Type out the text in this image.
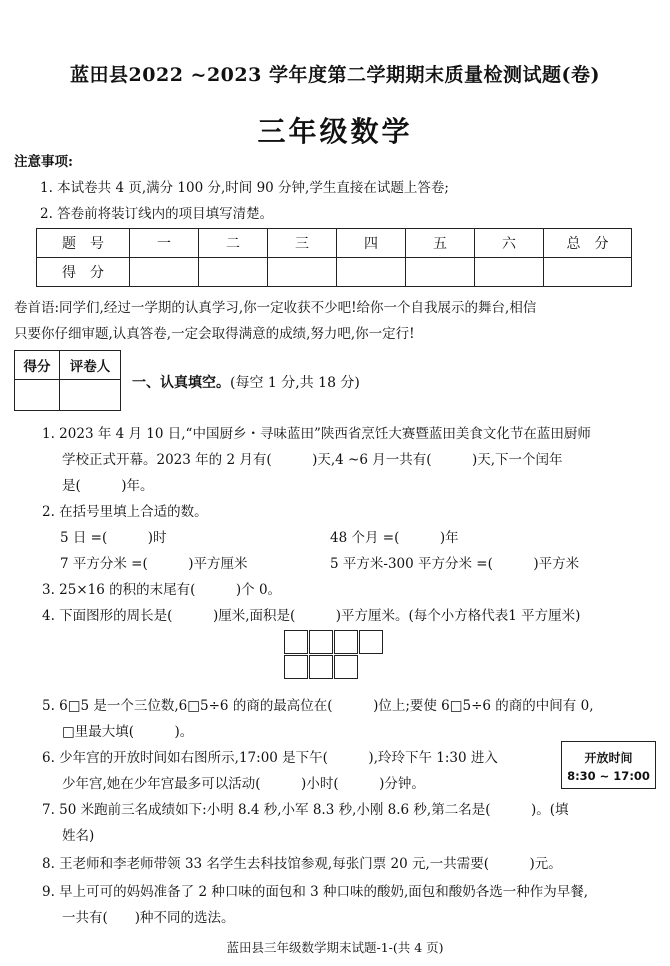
蓝田县2022 ~2023 学年度第二学期期末质量检测试题(卷)
三年级数学
注意事项:
1. 本试卷共 4 页,满分 100 分,时间 90 分钟,学生直接在试题上答卷;
2. 答卷前将装订线内的项目填写清楚。
题　号	一	二	三	四	五	六	总　分
得　分							
卷首语:同学们,经过一学期的认真学习,你一定收获不少吧!给你一个自我展示的舞台,相信
只要你仔细审题,认真答卷,一定会取得满意的成绩,努力吧,你一定行!
得分	评卷人

一、认真填空。(每空 1 分,共 18 分)
1. 2023 年 4 月 10 日,“中国厨乡・寻味蓝田”陕西省烹饪大赛暨蓝田美食文化节在蓝田厨师
学校正式开幕。2023 年的 2 月有(　　　)天,4 ~6 月一共有(　　　)天,下一个闰年
是(　　　)年。
2. 在括号里填上合适的数。
5 日 =(　　　)时	48 个月 =(　　　)年
7 平方分米 =(　　　)平方厘米	5 平方米-300 平方分米 =(　　　)平方米
3. 25×16 的积的末尾有(　　　)个 0。
4. 下面图形的周长是(　　　)厘米,面积是(　　　)平方厘米。(每个小方格代表1 平方厘米)
5. 6□5 是一个三位数,6□5÷6 的商的最高位在(　　　)位上;要使 6□5÷6 的商的中间有 0,
□里最大填(　　　)。
6. 少年宫的开放时间如右图所示,17:00 是下午(　　　),玲玲下午 1:30 进入
少年宫,她在少年宫最多可以活动(　　　)小时(　　　)分钟。
开放时间
8:30 ~ 17:00
7. 50 米跑前三名成绩如下:小明 8.4 秒,小军 8.3 秒,小刚 8.6 秒,第二名是(　　　)。(填
姓名)
8. 王老师和李老师带领 33 名学生去科技馆参观,每张门票 20 元,一共需要(　　　)元。
9. 早上可可的妈妈准备了 2 种口味的面包和 3 种口味的酸奶,面包和酸奶各选一种作为早餐,
一共有(　　)种不同的选法。
蓝田县三年级数学期末试题-1-(共 4 页)
